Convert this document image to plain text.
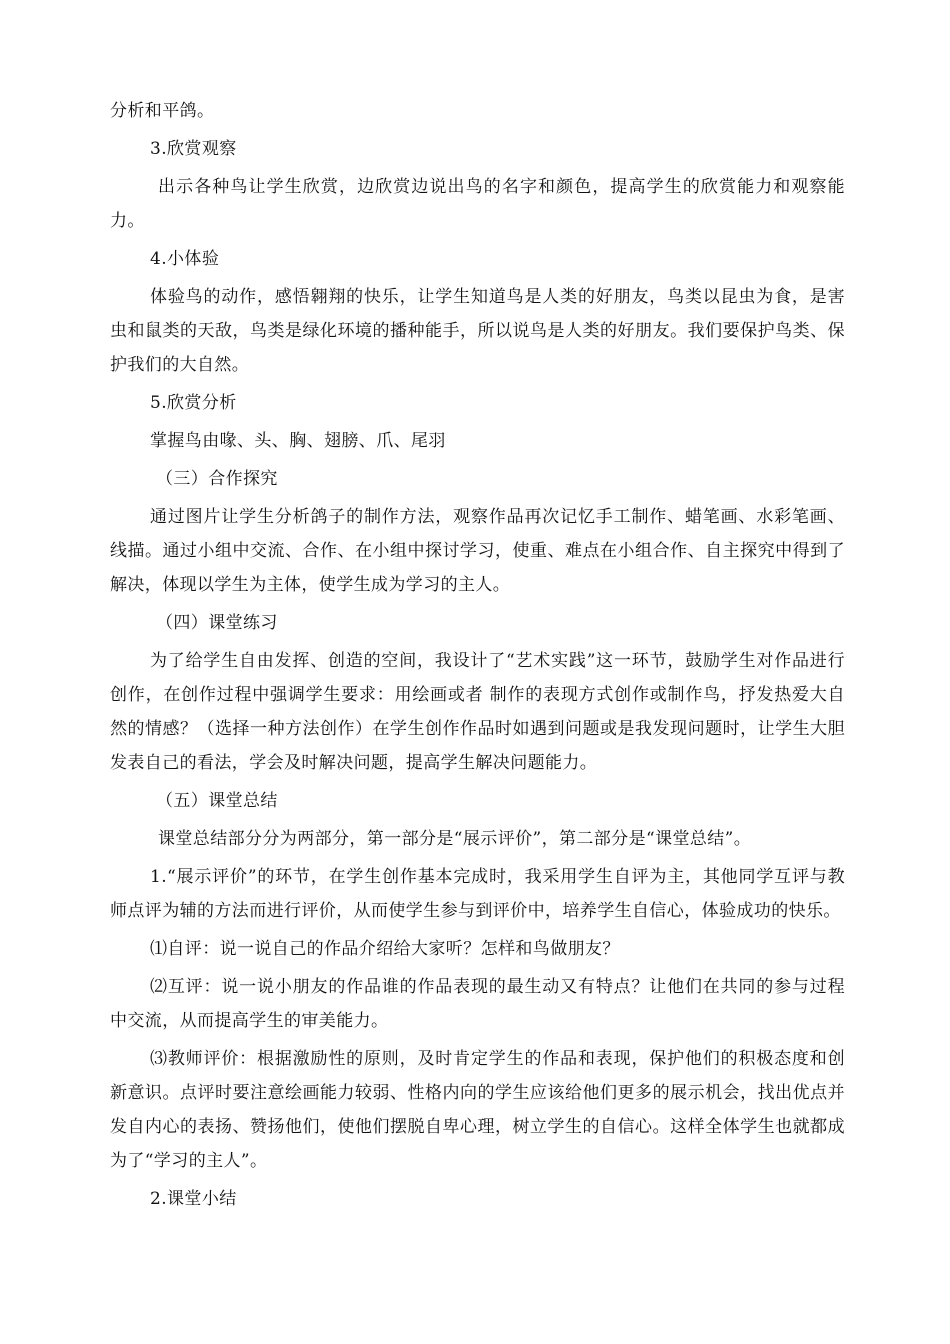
分析和平鸽。

3.欣赏观察

出示各种鸟让学生欣赏，边欣赏边说出鸟的名字和颜色，提高学生的欣赏能力和观察能力。

4.小体验

体验鸟的动作，感悟翱翔的快乐，让学生知道鸟是人类的好朋友，鸟类以昆虫为食，是害虫和鼠类的天敌，鸟类是绿化环境的播种能手，所以说鸟是人类的好朋友。我们要保护鸟类、保护我们的大自然。

5.欣赏分析

掌握鸟由喙、头、胸、翅膀、爪、尾羽

（三）合作探究

通过图片让学生分析鸽子的制作方法，观察作品再次记忆手工制作、蜡笔画、水彩笔画、线描。通过小组中交流、合作、在小组中探讨学习，使重、难点在小组合作、自主探究中得到了解决，体现以学生为主体，使学生成为学习的主人。

（四）课堂练习

为了给学生自由发挥、创造的空间，我设计了“艺术实践”这一环节，鼓励学生对作品进行创作，在创作过程中强调学生要求：用绘画或者 制作的表现方式创作或制作鸟，抒发热爱大自然的情感？（选择一种方法创作）在学生创作作品时如遇到问题或是我发现问题时，让学生大胆发表自己的看法，学会及时解决问题，提高学生解决问题能力。

（五）课堂总结

课堂总结部分分为两部分，第一部分是“展示评价”，第二部分是“课堂总结”。

1.“展示评价”的环节，在学生创作基本完成时，我采用学生自评为主，其他同学互评与教师点评为辅的方法而进行评价，从而使学生参与到评价中，培养学生自信心，体验成功的快乐。

⑴自评：说一说自己的作品介绍给大家听？怎样和鸟做朋友？

⑵互评：说一说小朋友的作品谁的作品表现的最生动又有特点？让他们在共同的参与过程中交流，从而提高学生的审美能力。

⑶教师评价：根据激励性的原则，及时肯定学生的作品和表现，保护他们的积极态度和创新意识。点评时要注意绘画能力较弱、性格内向的学生应该给他们更多的展示机会，找出优点并发自内心的表扬、赞扬他们，使他们摆脱自卑心理，树立学生的自信心。这样全体学生也就都成为了“学习的主人”。

2.课堂小结
